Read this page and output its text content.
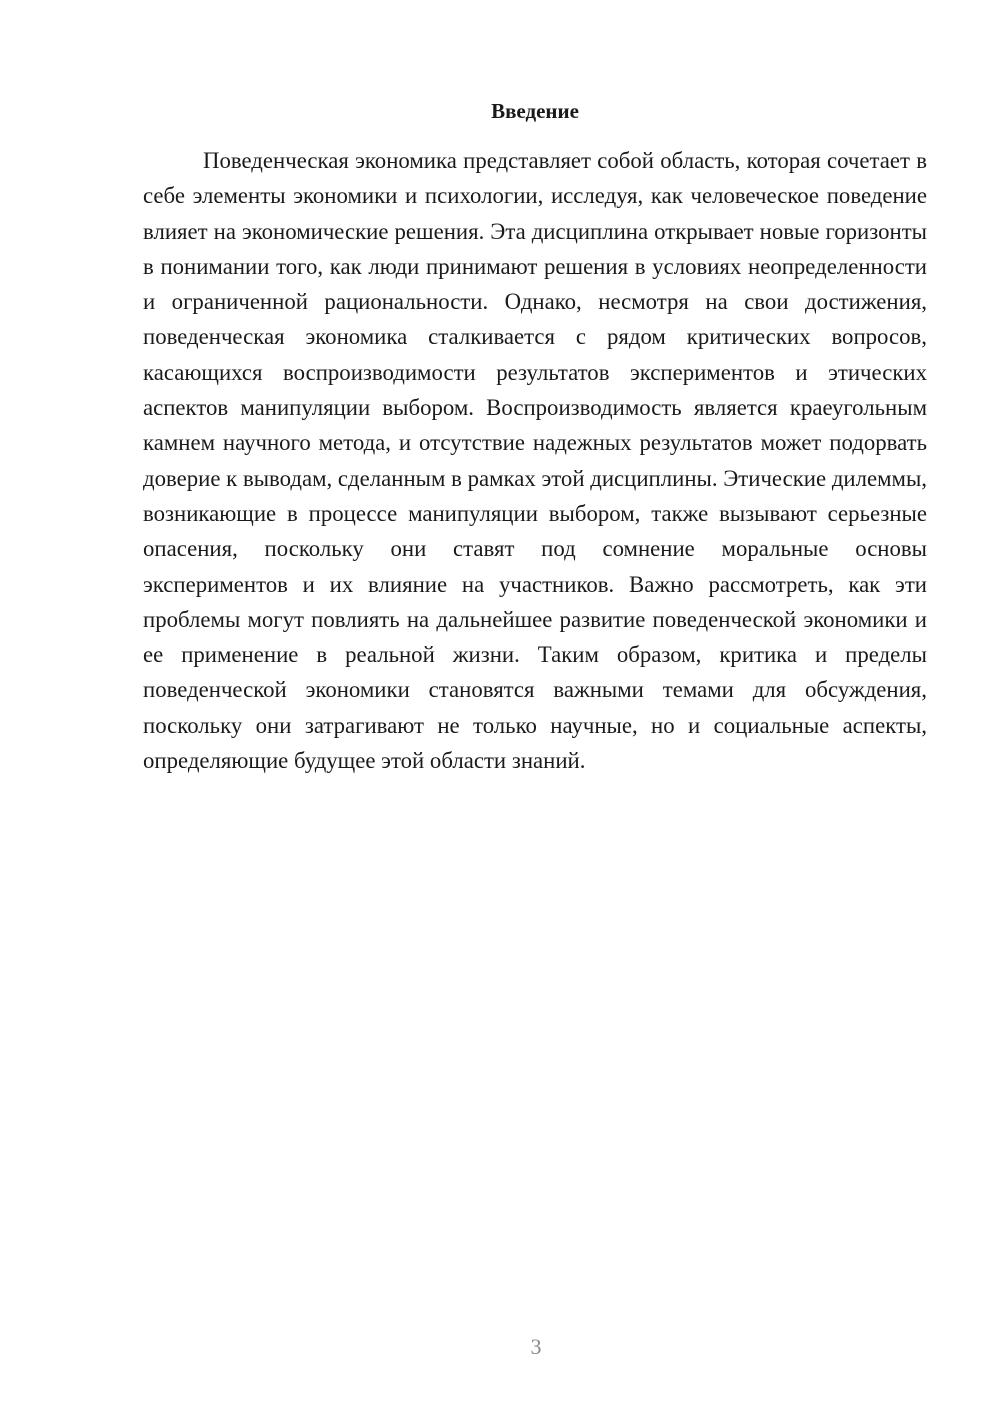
Введение

Поведенческая экономика представляет собой область, которая сочетает в себе элементы экономики и психологии, исследуя, как человеческое поведение влияет на экономические решения. Эта дисциплина открывает новые горизонты в понимании того, как люди принимают решения в условиях неопределенности и ограниченной рациональности. Однако, несмотря на свои достижения, поведенческая экономика сталкивается с рядом критических вопросов, касающихся воспроизводимости результатов экспериментов и этических аспектов манипуляции выбором. Воспроизводимость является краеугольным камнем научного метода, и отсутствие надежных результатов может подорвать доверие к выводам, сделанным в рамках этой дисциплины. Этические дилеммы, возникающие в процессе манипуляции выбором, также вызывают серьезные опасения, поскольку они ставят под сомнение моральные основы экспериментов и их влияние на участников. Важно рассмотреть, как эти проблемы могут повлиять на дальнейшее развитие поведенческой экономики и ее применение в реальной жизни. Таким образом, критика и пределы поведенческой экономики становятся важными темами для обсуждения, поскольку они затрагивают не только научные, но и социальные аспекты, определяющие будущее этой области знаний.

3
